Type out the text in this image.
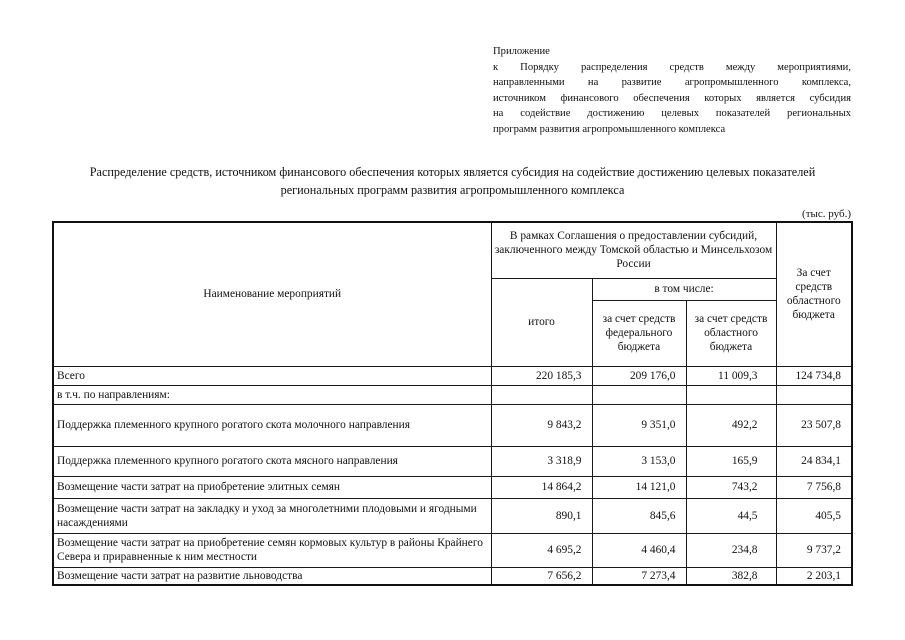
Приложение
к Порядку распределения средств между мероприятиями,
направленными на развитие агропромышленного комплекса,
источником финансового обеспечения которых является субсидия
на содействие достижению целевых показателей региональных
программ развития агропромышленного комплекса
Распределение средств, источником финансового обеспечения которых является субсидия на содействие достижению целевых показателей
региональных программ развития агропромышленного комплекса
(тыс. руб.)
Наименование мероприятий	В рамках Соглашения о предоставлении субсидий, заключенного между Томской областью и Минсельхозом России			За счет средств областного бюджета
	итого	в том числе:		
		за счет средств федерального бюджета	за счет средств областного бюджета	
Всего	220 185,3	209 176,0	11 009,3	124 734,8
в т.ч. по направлениям:				
Поддержка племенного крупного рогатого скота молочного направления	9 843,2	9 351,0	492,2	23 507,8
Поддержка племенного крупного рогатого скота мясного направления	3 318,9	3 153,0	165,9	24 834,1
Возмещение части затрат на приобретение элитных семян	14 864,2	14 121,0	743,2	7 756,8
Возмещение части затрат на закладку и уход за многолетними плодовыми и ягодными насаждениями	890,1	845,6	44,5	405,5
Возмещение части затрат на приобретение семян кормовых культур в районы Крайнего Севера и приравненные к ним местности	4 695,2	4 460,4	234,8	9 737,2
Возмещение части затрат на развитие льноводства	7 656,2	7 273,4	382,8	2 203,1
